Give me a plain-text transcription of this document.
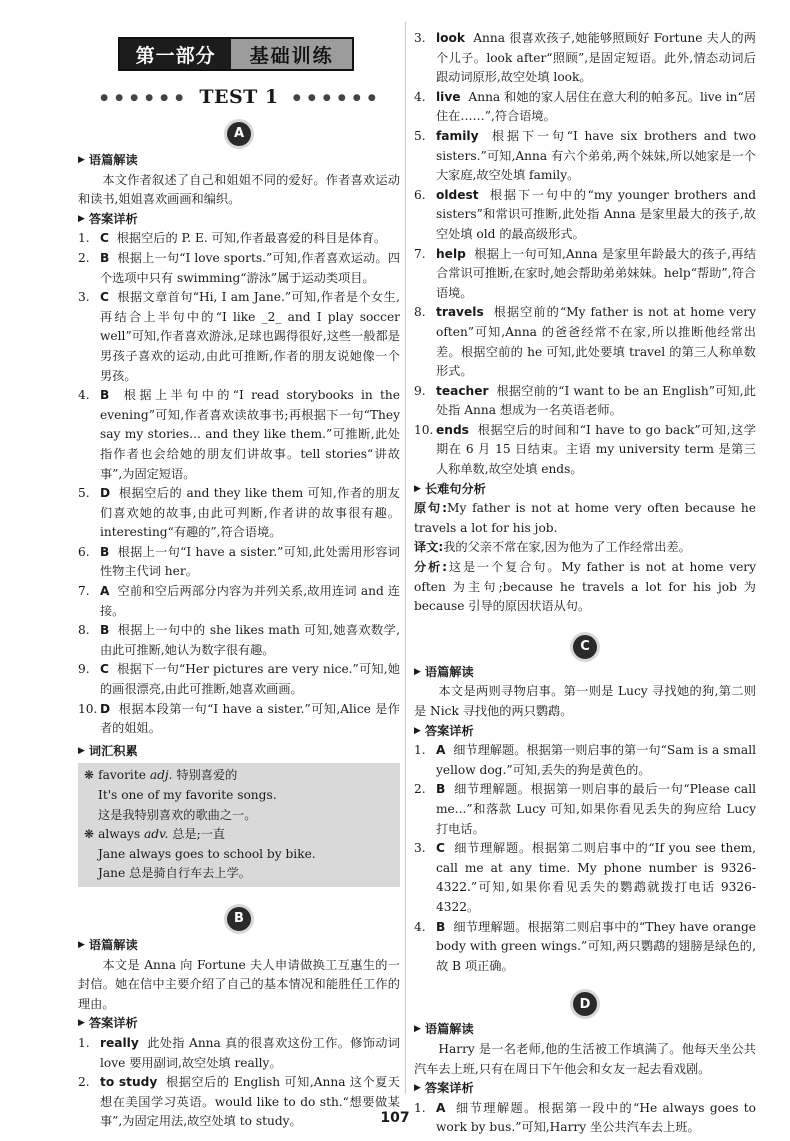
第一部分	基础训练
● ● ● ● ● ● TEST 1 ● ● ● ● ● ●
A
▶ 语篇解读
本文作者叙述了自己和姐姐不同的爱好。作者喜欢运动和读书,姐姐喜欢画画和编织。
▶ 答案详析
1. C  根据空后的 P. E. 可知,作者最喜爱的科目是体育。
2. B  根据上一句“I love sports.”可知,作者喜欢运动。四个选项中只有 swimming“游泳”属于运动类项目。
3. C  根据文章首句“Hi, I am Jane.”可知,作者是个女生,再结合上半句中的“I like _2_ and I play soccer well”可知,作者喜欢游泳,足球也踢得很好,这些一般都是男孩子喜欢的运动,由此可推断,作者的朋友说她像一个男孩。
4. B  根据上半句中的“I read storybooks in the evening”可知,作者喜欢读故事书;再根据下一句“They say my stories... and they like them.”可推断,此处指作者也会给她的朋友们讲故事。tell stories“讲故事”,为固定短语。
5. D  根据空后的 and they like them 可知,作者的朋友们喜欢她的故事,由此可判断,作者讲的故事很有趣。interesting“有趣的”,符合语境。
6. B  根据上一句“I have a sister.”可知,此处需用形容词性物主代词 her。
7. A  空前和空后两部分内容为并列关系,故用连词 and 连接。
8. B  根据上一句中的 she likes math 可知,她喜欢数学,由此可推断,她认为数字很有趣。
9. C  根据下一句“Her pictures are very nice.”可知,她的画很漂亮,由此可推断,她喜欢画画。
10. D  根据本段第一句“I have a sister.”可知,Alice 是作者的姐姐。
▶ 词汇积累
❋ favorite adj. 特别喜爱的
It's one of my favorite songs.
这是我特别喜欢的歌曲之一。
❋ always adv. 总是;一直
Jane always goes to school by bike.
Jane 总是骑自行车去上学。
B
▶ 语篇解读
本文是 Anna 向 Fortune 夫人申请做换工互惠生的一封信。她在信中主要介绍了自己的基本情况和能胜任工作的理由。
▶ 答案详析
1. really  此处指 Anna 真的很喜欢这份工作。修饰动词 love 要用副词,故空处填 really。
2. to study  根据空后的 English 可知,Anna 这个夏天想在美国学习英语。would like to do sth.“想要做某事”,为固定用法,故空处填 to study。
3. look  Anna 很喜欢孩子,她能够照顾好 Fortune 夫人的两个儿子。look after“照顾”,是固定短语。此外,情态动词后跟动词原形,故空处填 look。
4. live  Anna 和她的家人居住在意大利的帕多瓦。live in“居住在……”,符合语境。
5. family  根据下一句“I have six brothers and two sisters.”可知,Anna 有六个弟弟,两个妹妹,所以她家是一个大家庭,故空处填 family。
6. oldest  根据下一句中的“my younger brothers and sisters”和常识可推断,此处指 Anna 是家里最大的孩子,故空处填 old 的最高级形式。
7. help  根据上一句可知,Anna 是家里年龄最大的孩子,再结合常识可推断,在家时,她会帮助弟弟妹妹。help“帮助”,符合语境。
8. travels  根据空前的“My father is not at home very often”可知,Anna 的爸爸经常不在家,所以推断他经常出差。根据空前的 he 可知,此处要填 travel 的第三人称单数形式。
9. teacher  根据空前的“I want to be an English”可知,此处指 Anna 想成为一名英语老师。
10. ends  根据空后的时间和“I have to go back”可知,这学期在 6 月 15 日结束。主语 my university term 是第三人称单数,故空处填 ends。
▶ 长难句分析
原句:My father is not at home very often because he travels a lot for his job.
译文:我的父亲不常在家,因为他为了工作经常出差。
分析:这是一个复合句。My father is not at home very often 为主句;because he travels a lot for his job 为 because 引导的原因状语从句。
C
▶ 语篇解读
本文是两则寻物启事。第一则是 Lucy 寻找她的狗,第二则是 Nick 寻找他的两只鹦鹉。
▶ 答案详析
1. A  细节理解题。根据第一则启事的第一句“Sam is a small yellow dog.”可知,丢失的狗是黄色的。
2. B  细节理解题。根据第一则启事的最后一句“Please call me...”和落款 Lucy 可知,如果你看见丢失的狗应给 Lucy 打电话。
3. C  细节理解题。根据第二则启事中的“If you see them, call me at any time. My phone number is 9326-4322.”可知,如果你看见丢失的鹦鹉就拨打电话 9326-4322。
4. B  细节理解题。根据第二则启事中的“They have orange body with green wings.”可知,两只鹦鹉的翅膀是绿色的,故 B 项正确。
D
▶ 语篇解读
Harry 是一名老师,他的生活被工作填满了。他每天坐公共汽车去上班,只有在周日下午他会和女友一起去看戏剧。
▶ 答案详析
1. A  细节理解题。根据第一段中的“He always goes to work by bus.”可知,Harry 坐公共汽车去上班。
107
